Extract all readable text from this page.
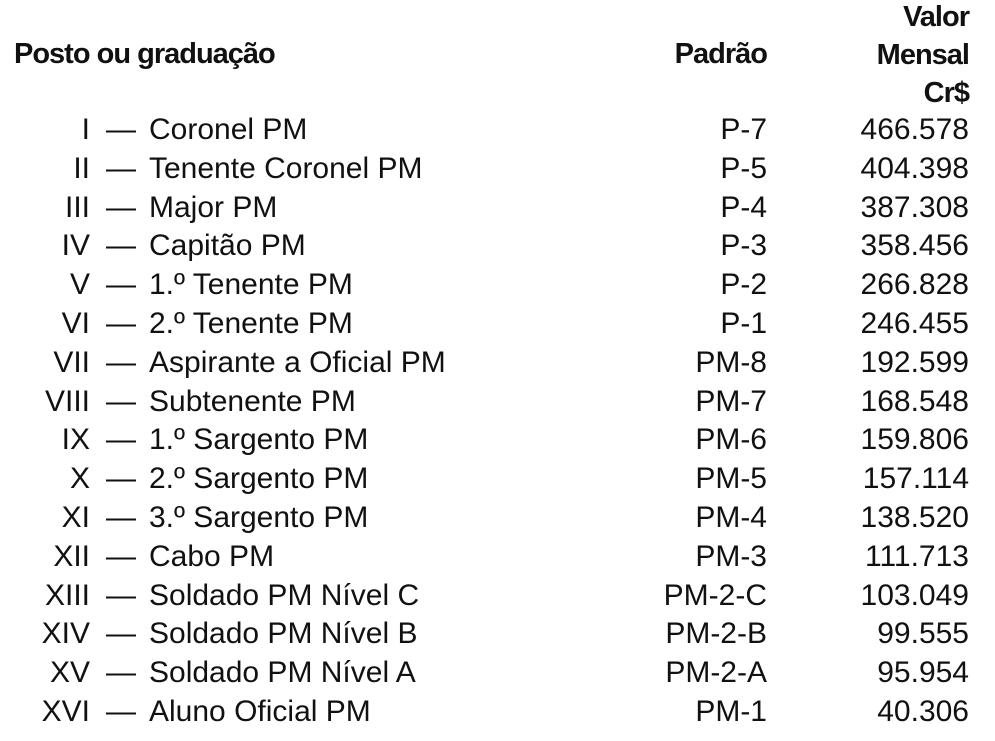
Posto ou graduação	Padrão
Valor
Mensal
Cr$
I — Coronel PM	P-7	466.578
II — Tenente Coronel PM	P-5	404.398
III — Major PM	P-4	387.308
IV — Capitão PM	P-3	358.456
V — 1.º Tenente PM	P-2	266.828
VI — 2.º Tenente PM	P-1	246.455
VII — Aspirante a Oficial PM	PM-8	192.599
VIII — Subtenente PM	PM-7	168.548
IX — 1.º Sargento PM	PM-6	159.806
X — 2.º Sargento PM	PM-5	157.114
XI — 3.º Sargento PM	PM-4	138.520
XII — Cabo PM	PM-3	111.713
XIII — Soldado PM Nível C	PM-2-C	103.049
XIV — Soldado PM Nível B	PM-2-B	99.555
XV — Soldado PM Nível A	PM-2-A	95.954
XVI — Aluno Oficial PM	PM-1	40.306
